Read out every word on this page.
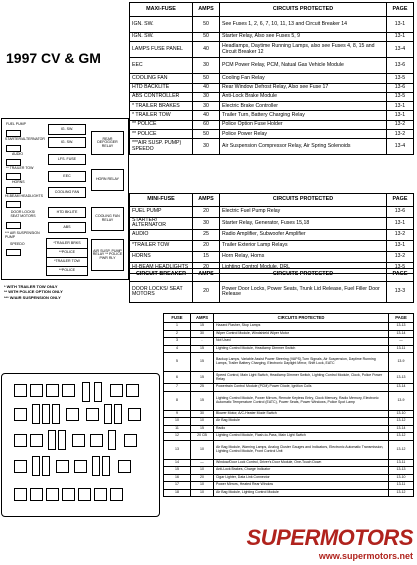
1997 CV & GM
MAXI-FUSE	AMPS	CIRCUITS PROTECTED	PAGE
IGN. SW.	50	See Fuses 1, 2, 6, 7, 10, 11, 13 and Circuit Breaker 14	13-1
IGN. SW.	50	Starter Relay, Also see Fuses 5, 9	13-1
LAMPS FUSE PANEL	40	Headlamps, Daytime Running Lamps, also see Fuses 4, 8, 15 and Circuit Breaker 12	13-4
EEC	30	PCM Power Relay, PCM, Natual Gas Vehicle Module	13-6
COOLING FAN	50	Cooling Fan Relay	13-5
HTD BACKLITE	40	Rear Window Defrost Relay, Also see Fuse 17	13-6
ABS CONTROLLER	30	Anti-Lock Brake Module	13-5
* TRAILER BRAKES	30	Electric Brake Controller	13-1
* TRAILER TOW	40	Trailer Turn, Battery Charging Relay	13-1
** POLICE	60	Police Option Fuse Holder	13-2
** POLICE	50	Police Power Relay	13-2
***AIR SUSP. PUMP) SPEEDO	30	Air Suspension Compressor Relay, Air Spring Solenoids	13-4
MINI-FUSE	AMPS	CIRCUITS PROTECTED	PAGE
FUEL PUMP	20	Electric Fuel Pump Relay	13-6
STARTER/ ALTERNATOR	30	Starter Relay, Generator, Fuses 15,18	13-1
AUDIO	25	Radio Amplifier, Subwoofer Amplifier	13-2
*TRAILER TOW	20	Trailer Exterior Lamp Relays	13-1
HORNS	15	Horn Relay, Horns	13-2
HI-BEAM HEADLIGHTS	20	Lighting Control Module, DRL	13-5
CIRCUIT BREAKER	AMPS	CIRCUITS PROTECTED	PAGE
DOOR LOCKS/ SEAT MOTORS	20	Power Door Locks, Power Seats, Trunk Lid Release, Fuel Filler Door Release	13-3
FUSE	AMPS	CIRCUITS PROTECTED	PAGE
1	15	Hazard Flasher, Stop Lamps	13-13
2	30	Wiper Control Module, Windshield Wiper Motor	13-14
3	-	Not Used	—
4	15	Lighting Control Module, Headlamp Dimmer Switch	13-11
5	15	Backup Lamps, Variable Assist Power Steering (VAPS),Turn Signals, Air Suspension, Daytime Running Lamps, Trailer Battery Charging, Electronic Daylight Mirror, Shift Lock, EATC	13-9
6	15	Speed Control, Main Light Switch, Headlamp Dimmer Switch, Lighting Control Module, Clock, Police Power Relay	13-13
7	25	Powertrain Control Module (PCM) Power Diode, Ignition Coils	13-14
8	15	Lighting Control Module, Power Mirrors, Remote Keyless Entry, Clock Memory, Radio Memory, Electronic Automatic Temperature Control (EATC), Power Seats, Power Windows, Police Spot Lamp	13-9
9	30	Blower Motor, A/C-Heater Mode Switch	13-10
10	10	Air Bag Module	13-12
11	15	Radio	13-14
12	20 CB	Lighting Control Module, Flash-to-Pass, Main Light Switch	13-12
13	10	Air Bag Module, Warning Lamps, Analog Cluster Gauges and Indicators, Electronic Automatic Transmission, Lighting Control Module, Front Control Unit	13-12
14	—	Window/Door Lock Control, Driver's Door Module, One-Touch Down	13-11
15	10	Anti-Lock Brakes, Charge Indicator	13-13
16	20	Cigar Lighter, Data Link Connector	13-10
17	10	Power Mirrors, Heated Rear Window	13-11
18	10	Air Bag Module, Lighting Control Module	13-12
FUEL PUMP
STARTER/ALTERNATOR
AUDIO
** TRAILER TOW
HORNS
HI-BEAM HEADLIGHTS
DOOR LOCKS/ SEAT MOTORS
*** AIR SUSPENSION PUMP
SPEEDO
IG. SW.
IG. SW.
LFS. FUSE
EEC
COOLING FAN
HTD BKLITE
ABS
*TRAILER BRKS
**POLICE
*TRAILER TOW
**POLICE
REAR DEFOGGER RELAY
HORN RELAY
COOLING FAN RELAY
AIR SUSP. PUMP RELAY ** POLICE PWR RLY
* WITH TRAILER TOW ONLY
** WITH POLICE OPTION ONLY
*** W/AIR SUSPENSION ONLY
SUPERMOTORS
www.supermotors.net
